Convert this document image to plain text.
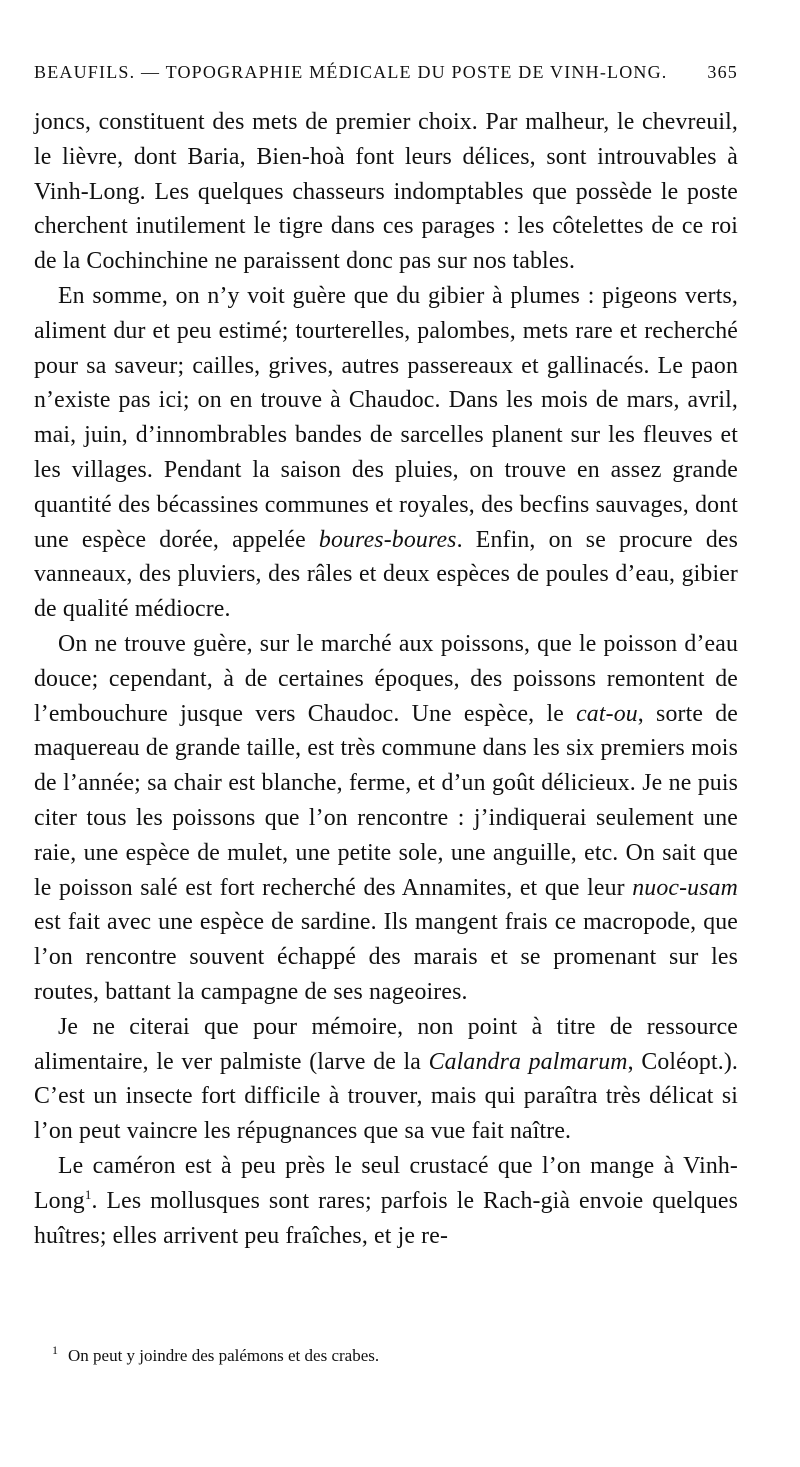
BEAUFILS. — TOPOGRAPHIE MÉDICALE DU POSTE DE VINH-LONG. 365

joncs, constituent des mets de premier choix. Par malheur, le chevreuil, le lièvre, dont Baria, Bien-hoà font leurs délices, sont introuvables à Vinh-Long. Les quelques chasseurs indomptables que possède le poste cherchent inutilement le tigre dans ces parages : les côtelettes de ce roi de la Cochinchine ne paraissent donc pas sur nos tables.

En somme, on n’y voit guère que du gibier à plumes : pigeons verts, aliment dur et peu estimé; tourterelles, palombes, mets rare et recherché pour sa saveur; cailles, grives, autres passereaux et gallinacés. Le paon n’existe pas ici; on en trouve à Chaudoc. Dans les mois de mars, avril, mai, juin, d’innombrables bandes de sarcelles planent sur les fleuves et les villages. Pendant la saison des pluies, on trouve en assez grande quantité des bécassines communes et royales, des becfins sauvages, dont une espèce dorée, appelée boures-boures. Enfin, on se procure des vanneaux, des pluviers, des râles et deux espèces de poules d’eau, gibier de qualité médiocre.

On ne trouve guère, sur le marché aux poissons, que le poisson d’eau douce; cependant, à de certaines époques, des poissons remontent de l’embouchure jusque vers Chaudoc. Une espèce, le cat-ou, sorte de maquereau de grande taille, est très commune dans les six premiers mois de l’année; sa chair est blanche, ferme, et d’un goût délicieux. Je ne puis citer tous les poissons que l’on rencontre : j’indiquerai seulement une raie, une espèce de mulet, une petite sole, une anguille, etc. On sait que le poisson salé est fort recherché des Annamites, et que leur nuoc-usam est fait avec une espèce de sardine. Ils mangent frais ce macropode, que l’on rencontre souvent échappé des marais et se promenant sur les routes, battant la campagne de ses nageoires.

Je ne citerai que pour mémoire, non point à titre de ressource alimentaire, le ver palmiste (larve de la Calandra palmarum, Coléopt.). C’est un insecte fort difficile à trouver, mais qui paraîtra très délicat si l’on peut vaincre les répugnances que sa vue fait naître.

Le caméron est à peu près le seul crustacé que l’on mange à Vinh-Long$^1$. Les mollusques sont rares; parfois le Rach-già envoie quelques huîtres; elles arrivent peu fraîches, et je re-

$^1$ On peut y joindre des palémons et des crabes.
